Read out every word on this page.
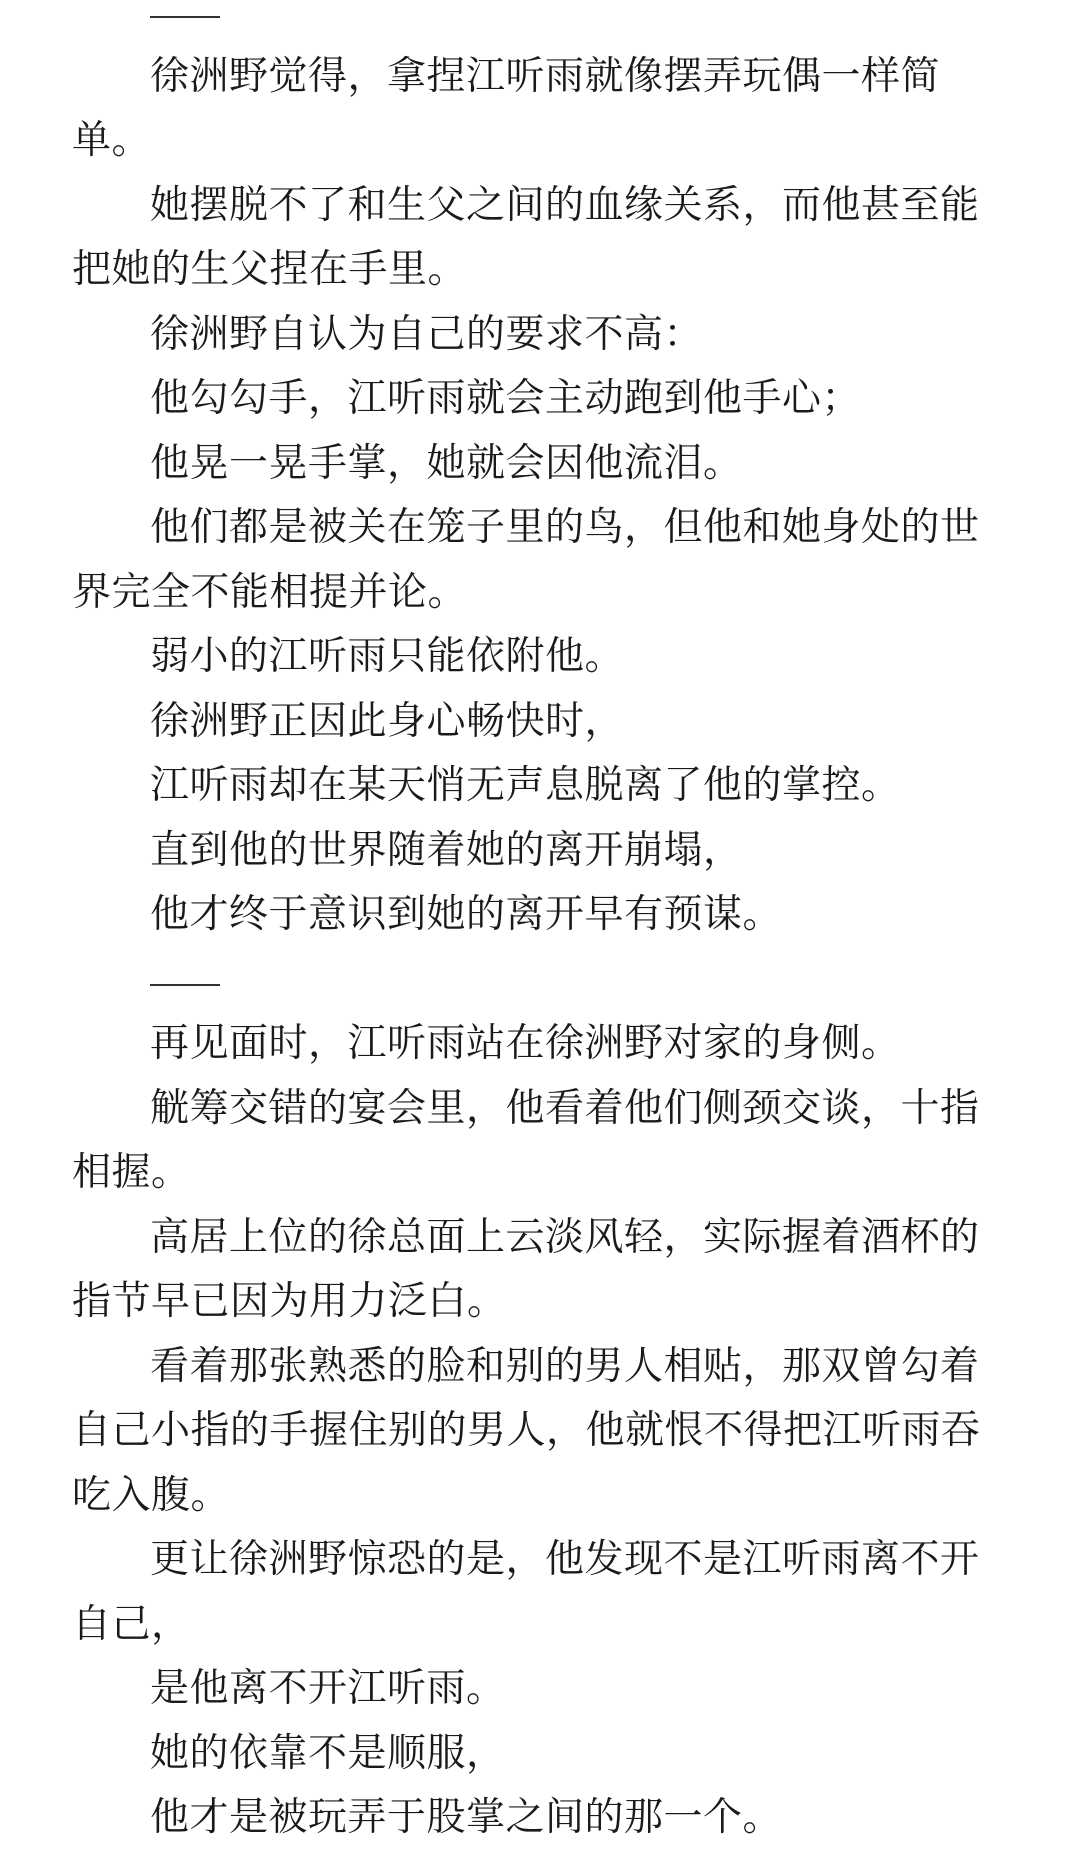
徐洲野觉得，拿捏江听雨就像摆弄玩偶一样简单。

她摆脱不了和生父之间的血缘关系，而他甚至能把她的生父捏在手里。

徐洲野自认为自己的要求不高：

他勾勾手，江听雨就会主动跑到他手心；

他晃一晃手掌，她就会因他流泪。

他们都是被关在笼子里的鸟，但他和她身处的世界完全不能相提并论。

弱小的江听雨只能依附他。

徐洲野正因此身心畅快时，

江听雨却在某天悄无声息脱离了他的掌控。

直到他的世界随着她的离开崩塌，

他才终于意识到她的离开早有预谋。

再见面时，江听雨站在徐洲野对家的身侧。

觥筹交错的宴会里，他看着他们侧颈交谈，十指相握。

高居上位的徐总面上云淡风轻，实际握着酒杯的指节早已因为用力泛白。

看着那张熟悉的脸和别的男人相贴，那双曾勾着自己小指的手握住别的男人，他就恨不得把江听雨吞吃入腹。

更让徐洲野惊恐的是，他发现不是江听雨离不开自己，

是他离不开江听雨。

她的依靠不是顺服，

他才是被玩弄于股掌之间的那一个。
